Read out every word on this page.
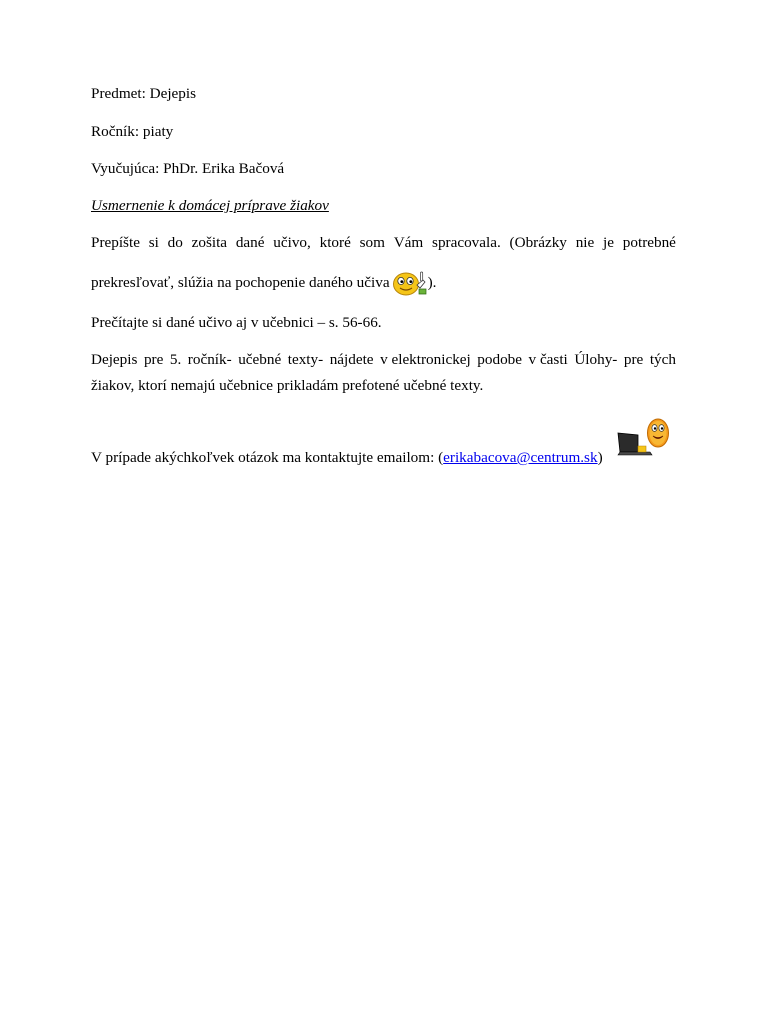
Predmet: Dejepis

Ročník: piaty

Vyučujúca: PhDr. Erika Bačová

Usmernenie k domácej príprave žiakov

Prepíšte si do zošita dané učivo, ktoré som Vám spracovala. (Obrázky nie je potrebné
prekresľovať, slúžia na pochopenie daného učiva	).

Prečítajte si dané učivo aj v učebnici – s. 56-66.

Dejepis pre 5. ročník- učebné texty- nájdete v elektronickej podobe v časti Úlohy- pre tých
žiakov, ktorí nemajú učebnice prikladám prefotené učebné texty.
V prípade akýchkoľvek otázok ma kontaktujte emailom: (erikabacova@centrum.sk)
